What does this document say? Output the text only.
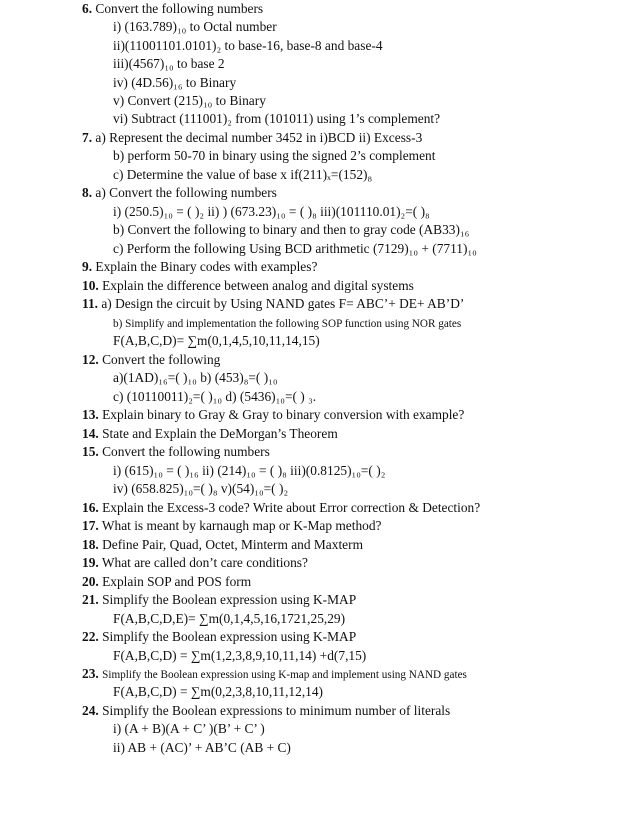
6. Convert the following numbers
i) (163.789)₁₀ to Octal number
ii)(11001101.0101)₂ to base-16, base-8 and base-4
iii)(4567)₁₀ to base 2
iv) (4D.56)₁₆ to Binary
v) Convert (215)₁₀ to Binary
vi) Subtract (111001)₂ from (101011) using 1’s complement?
7. a) Represent the decimal number 3452 in i)BCD ii) Excess-3
b) perform 50-70 in binary using the signed 2’s complement
c) Determine the value of base x if(211)ₓ=(152)₈
8. a) Convert the following numbers
i) (250.5)₁₀ = ( )₂ ii) ) (673.23)₁₀ = ( )₈ iii)(101110.01)₂=( )₈
b) Convert the following to binary and then to gray code (AB33)₁₆
c) Perform the following Using BCD arithmetic (7129)₁₀ + (7711)₁₀
9. Explain the Binary codes with examples?
10. Explain the difference between analog and digital systems
11. a) Design the circuit by Using NAND gates F= ABC’+ DE+ AB’D’
b) Simplify and implementation the following SOP function using NOR gates
F(A,B,C,D)= ∑m(0,1,4,5,10,11,14,15)
12. Convert the following
a)(1AD)₁₆=( )₁₀ b) (453)₈=( )₁₀
c) (10110011)₂=( )₁₀ d) (5436)₁₀=( ) ₃.
13. Explain binary to Gray & Gray to binary conversion with example?
14. State and Explain the DeMorgan’s Theorem
15. Convert the following numbers
i) (615)₁₀ = ( )₁₆ ii) (214)₁₀ = ( )₈ iii)(0.8125)₁₀=( )₂
iv) (658.825)₁₀=( )₈ v)(54)₁₀=( )₂
16. Explain the Excess-3 code? Write about Error correction & Detection?
17. What is meant by karnaugh map or K-Map method?
18. Define Pair, Quad, Octet, Minterm and Maxterm
19. What are called don’t care conditions?
20. Explain SOP and POS form
21. Simplify the Boolean expression using K-MAP
F(A,B,C,D,E)= ∑m(0,1,4,5,16,1721,25,29)
22. Simplify the Boolean expression using K-MAP
F(A,B,C,D) = ∑m(1,2,3,8,9,10,11,14) +d(7,15)
23. Simplify the Boolean expression using K-map and implement using NAND gates
F(A,B,C,D) = ∑m(0,2,3,8,10,11,12,14)
24. Simplify the Boolean expressions to minimum number of literals
i) (A + B)(A + C’ )(B’ + C’ )
ii) AB + (AC)’ + AB’C (AB + C)
